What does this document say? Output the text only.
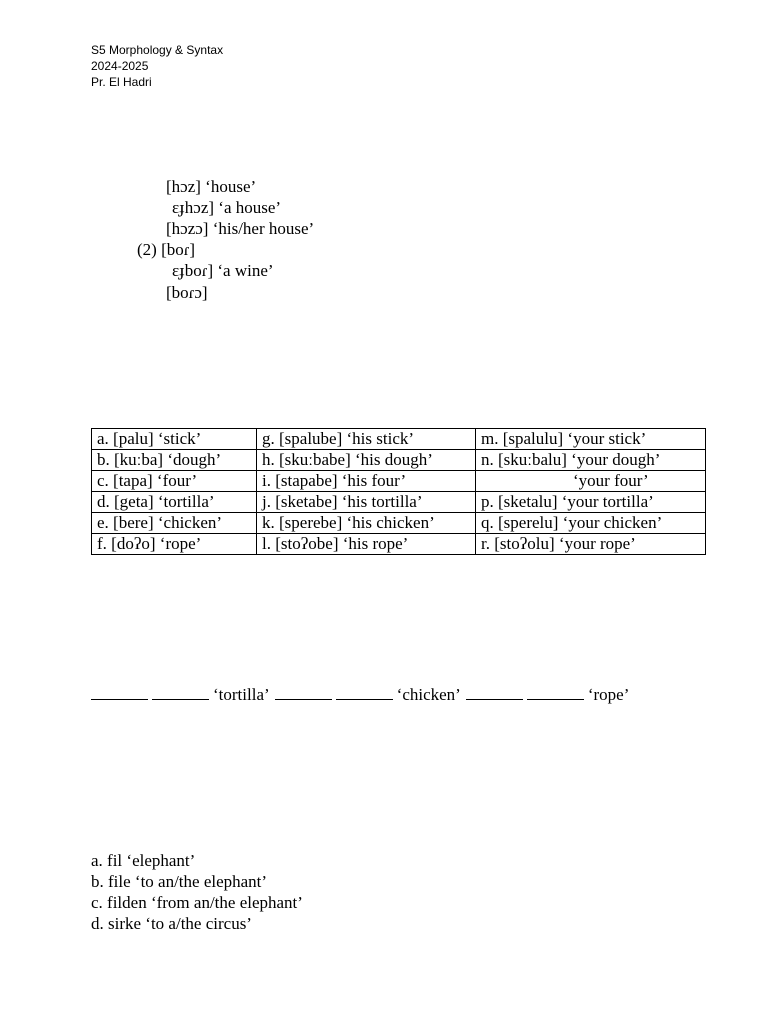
S5 Morphology & Syntax
2024-2025
Pr. El Hadri
[hɔz] ‘house’
ɛɟhɔz] ‘a house’
[hɔzɔ] ‘his/her house’
(2) [boɾ]
ɛɟboɾ] ‘a wine’
[boɾɔ]
a. [palu] ‘stick’	g. [spalube] ‘his stick’	m. [spalulu] ‘your stick’
b. [kuːba] ‘dough’	h. [skuːbabe] ‘his dough’	n. [skuːbalu] ‘your dough’
c. [tapa] ‘four’	i. [stapabe] ‘his four’	‘your four’
d. [geta] ‘tortilla’	j. [sketabe] ‘his tortilla’	p. [sketalu] ‘your tortilla’
e. [bere] ‘chicken’	k. [sperebe] ‘his chicken’	q. [sperelu] ‘your chicken’
f. [doʔo] ‘rope’	l. [stoʔobe] ‘his rope’	r. [stoʔolu] ‘your rope’
‘tortilla’	‘chicken’	‘rope’
a. fil ‘elephant’
b. file ‘to an/the elephant’
c. filden ‘from an/the elephant’
d. sirke ‘to a/the circus’
